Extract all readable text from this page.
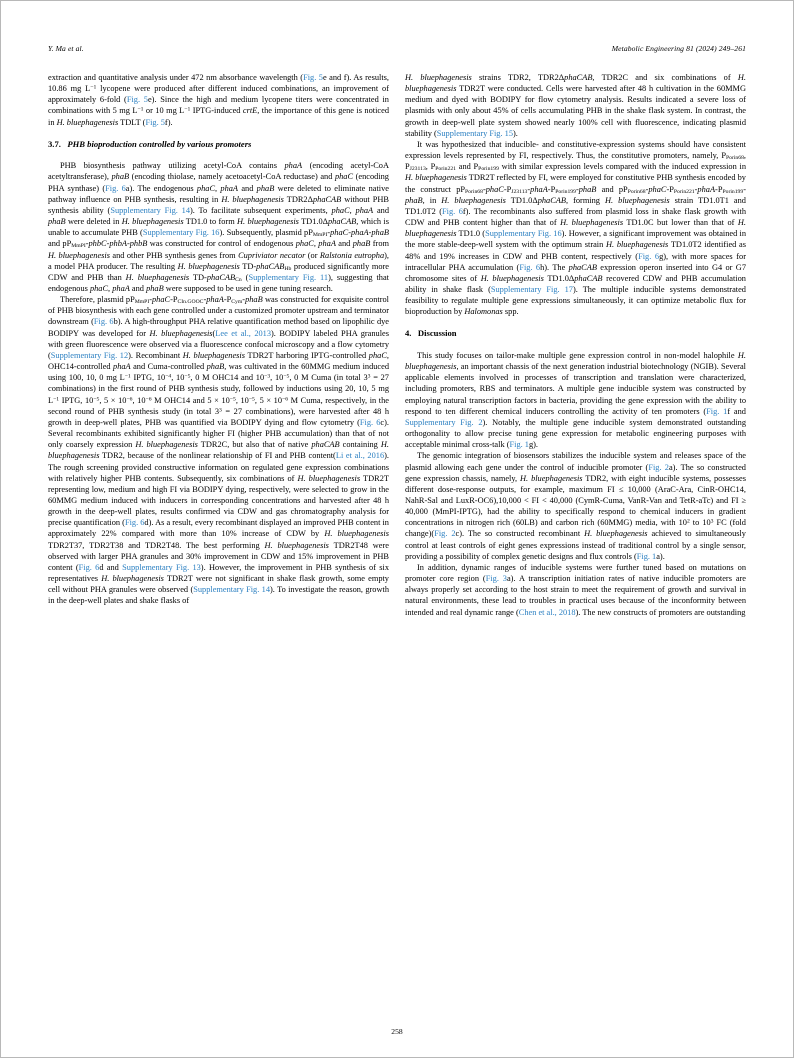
Y. Ma et al.	Metabolic Engineering 81 (2024) 249–261

extraction and quantitative analysis under 472 nm absorbance wavelength (Fig. 5e and f). As results, 10.86 mg $L^{-1}$ lycopene were produced after different induced combinations, an improvement of approximately 6-fold (Fig. 5e). Since the high and medium lycopene titers were concentrated in combinations with 5 mg $L^{-1}$ or 10 mg $L^{-1}$ IPTG-induced crtE, the importance of this gene is noticed in H. bluephagenesis TDLT (Fig. 5f).

3.7. PHB bioproduction controlled by various promoters

PHB biosynthesis pathway utilizing acetyl-CoA contains phaA (encoding acetyl-CoA acetyltransferase), phaB (encoding thiolase, namely acetoacetyl-CoA reductase) and phaC (encoding PHA synthase) (Fig. 6a). The endogenous phaC, phaA and phaB were deleted to eliminate native pathway influence on PHB synthesis, resulting in H. bluephagenesis TDR2ΔphaCAB without PHB synthesis ability (Supplementary Fig. 14). To facilitate subsequent experiments, phaC, phaA and phaB were deleted in H. bluephagenesis TD1.0 to form H. bluephagenesis TD1.0ΔphaCAB, which is unable to accumulate PHB (Supplementary Fig. 16). Subsequently, plasmid $pP_{MmPI}-phaC-phaA$-phaB and $pP_{MmPI}-phbC-phbA$-phbB was constructed for control of endogenous phaC, phaA and phaB from H. bluephagenesis and other PHB synthesis genes from Cupriviator necator (or Ralstonia eutropha), a model PHA producer. The resulting H. bluephagenesis TD-phaCAB$_{Hb}$ produced significantly more CDW and PHB than H. bluephagenesis TD-phaCAB$_{Cn}$ (Supplementary Fig. 11), suggesting that endogenous phaC, phaA and phaB were supposed to be used in gene tuning research.

Therefore, plasmid $pP_{MmPI}-phaC-P_{CIn.GOOC}-phaA-P_{Cym}$-phaB was constructed for exquisite control of PHB biosynthesis with each gene controlled under a customized promoter upstream and terminator downstream (Fig. 6b). A high-throughput PHA relative quantification method based on lipophilic dye BODIPY was developed for H. bluephagenesis(Lee et al., 2013). BODIPY labeled PHA granules with green fluorescence were observed via a fluorescence confocal microscopy and a flow cytometry (Supplementary Fig. 12). Recombinant H. bluephagenesis TDR2T harboring IPTG-controlled phaC, OHC14-controlled phaA and Cuma-controlled phaB, was cultivated in the 60MMG medium induced using 100, 10, 0 mg $L^{-1}$ IPTG, $10^{-4}$, $10^{-5}$, 0 M OHC14 and $10^{-3}$, $10^{-5}$, 0 M Cuma (in total $3^3 = 27$ combinations) in the first round of PHB synthesis study, followed by inductions using 20, 10, 5 mg $L^{-1}$ IPTG, $10^{-5}$, $5 \times 10^{-6}$, $10^{-6}$ M OHC14 and $5 \times 10^{-5}$, $10^{-5}$, $5 \times 10^{-6}$ M Cuma, respectively, in the second round of PHB synthesis study (in total $3^3 = 27$ combinations), were harvested after 48 h growth in deep-well plates, PHB was quantified via BODIPY dying and flow cytometry (Fig. 6c). Several recombinants exhibited significantly higher FI (higher PHB accumulation) than that of not only coarsely expression H. bluephagenesis TDR2C, but also that of native phaCAB containing H. bluephagenesis TDR2, because of the nonlinear relationship of FI and PHB content(Li et al., 2016). The rough screening provided constructive information on regulated gene expression combinations with relatively higher PHB contents. Subsequently, six combinations of H. bluephagenesis TDR2T representing low, medium and high FI via BODIPY dying, respectively, were selected to grow in the 60MMG medium induced with inducers in corresponding concentrations and harvested after 48 h growth in the deep-well plates, results confirmed via CDW and gas chromatography analysis for precise quantification (Fig. 6d). As a result, every recombinant displayed an improved PHB content in approximately 22% compared with more than 10% increase of CDW by H. bluephagenesis TDR2T37, TDR2T38 and TDR2T48. The best performing H. bluephagenesis TDR2T48 were observed with larger PHA granules and 30% improvement in CDW and 15% improvement in PHB content (Fig. 6d and Supplementary Fig. 13). However, the improvement in PHB synthesis of six representatives H. bluephagenesis TDR2T were not significant in shake flask growth, some empty cell without PHA granules were observed (Supplementary Fig. 14). To investigate the reason, growth in the deep-well plates and shake flasks of

H. bluephagenesis strains TDR2, TDR2ΔphaCAB, TDR2C and six combinations of H. bluephagenesis TDR2T were conducted. Cells were harvested after 48 h cultivation in the 60MMG medium and dyed with BODIPY for flow cytometry analysis. Results indicated a severe loss of plasmids with only about 45% of cells accumulating PHB in the shake flask system. In contrast, the growth in deep-well plate system showed nearly 100% cell with fluorescence, indicating plasmid stability (Supplementary Fig. 15).

It was hypothesized that inducible- and constitutive-expression systems should have consistent expression levels represented by FI, respectively. Thus, the constitutive promoters, namely, $P_{Porin68}$, $P_{J23113}$, $P_{Porin221}$ and $P_{Porin199}$ with similar expression levels compared with the induced expression in H. bluephagenesis TDR2T reflected by FI, were employed for constitutive PHB synthesis encoded by the construct $pP_{Porin68}-phaC-P_{J23113}-phaA-P_{Porin199}$-phaB and $pP_{Porin68}-phaC-P_{Porin221}-phaA-P_{Porin199}$-phaB, in H. bluephagenesis TD1.0ΔphaCAB, forming H. bluephagenesis strain TD1.0T1 and TD1.0T2 (Fig. 6f). The recombinants also suffered from plasmid loss in shake flask growth with CDW and PHB content higher than that of H. bluephagenesis TD1.0C but lower than that of H. bluephagenesis TD1.0 (Supplementary Fig. 16). However, a significant improvement was obtained in the more stable-deep-well system with the optimum strain H. bluephagenesis TD1.0T2 identified as 48% and 19% increases in CDW and PHB content, respectively (Fig. 6g), with more spaces for intracellular PHA accumulation (Fig. 6h). The phaCAB expression operon inserted into G4 or G7 chromosome sites of H. bluephagenesis TD1.0ΔphaCAB recovered CDW and PHB accumulation ability in shake flask (Supplementary Fig. 17). The multiple inducible systems demonstrated feasibility to regulate multiple gene expressions simultaneously, it can optimize metabolic flux for bioproduction by Halomonas spp.

4. Discussion

This study focuses on tailor-make multiple gene expression control in non-model halophile H. bluephagenesis, an important chassis of the next generation industrial biotechnology (NGIB). Several applicable elements involved in processes of transcription and translation were characterized, including promoters, RBS and terminators. A multiple gene inducible system was constructed by employing natural transcription factors in bacteria, providing the gene expression with the ability to respond to ten different chemical inducers controlling the activity of ten promoters (Fig. 1f and Supplementary Fig. 2). Notably, the multiple gene inducible system demonstrated outstanding orthogonality to allow precise tuning gene expression for metabolic engineering purposes with acceptable minimal cross-talk (Fig. 1g).

The genomic integration of biosensors stabilizes the inducible system and releases space of the plasmid allowing each gene under the control of inducible promoter (Fig. 2a). The so constructed gene expression chassis, namely, H. bluephagenesis TDR2, with eight inducible systems, possesses different dose-response outputs, for example, maximum FI ≤ 10,000 (AraC-Ara, CinR-OHC14, NahR-Sal and LuxR-OC6),10,000 < FI < 40,000 (CymR-Cuma, VanR-Van and TetR-aTc) and FI ≥ 40,000 (MmPI-IPTG), had the ability to specifically respond to chemical inducers in gradient concentrations in nitrogen rich (60LB) and carbon rich (60MMG) media, with $10^2$ to $10^3$ FC (fold change)(Fig. 2c). The so constructed recombinant H. bluephagenesis achieved to simultaneously control at least controls of eight genes expressions instead of traditional control by a single sensor, providing a possibility of complex genetic designs and flux controls (Fig. 1a).

In addition, dynamic ranges of inducible systems were further tuned based on mutations on promoter core region (Fig. 3a). A transcription initiation rates of native inducible promoters are always properly set according to the host strain to meet the requirement of growth and survival in natural environments, these lead to troubles in practical uses because of the inconformity between intended and real dynamic range (Chen et al., 2018). The new constructs of promoters are outstanding

258
